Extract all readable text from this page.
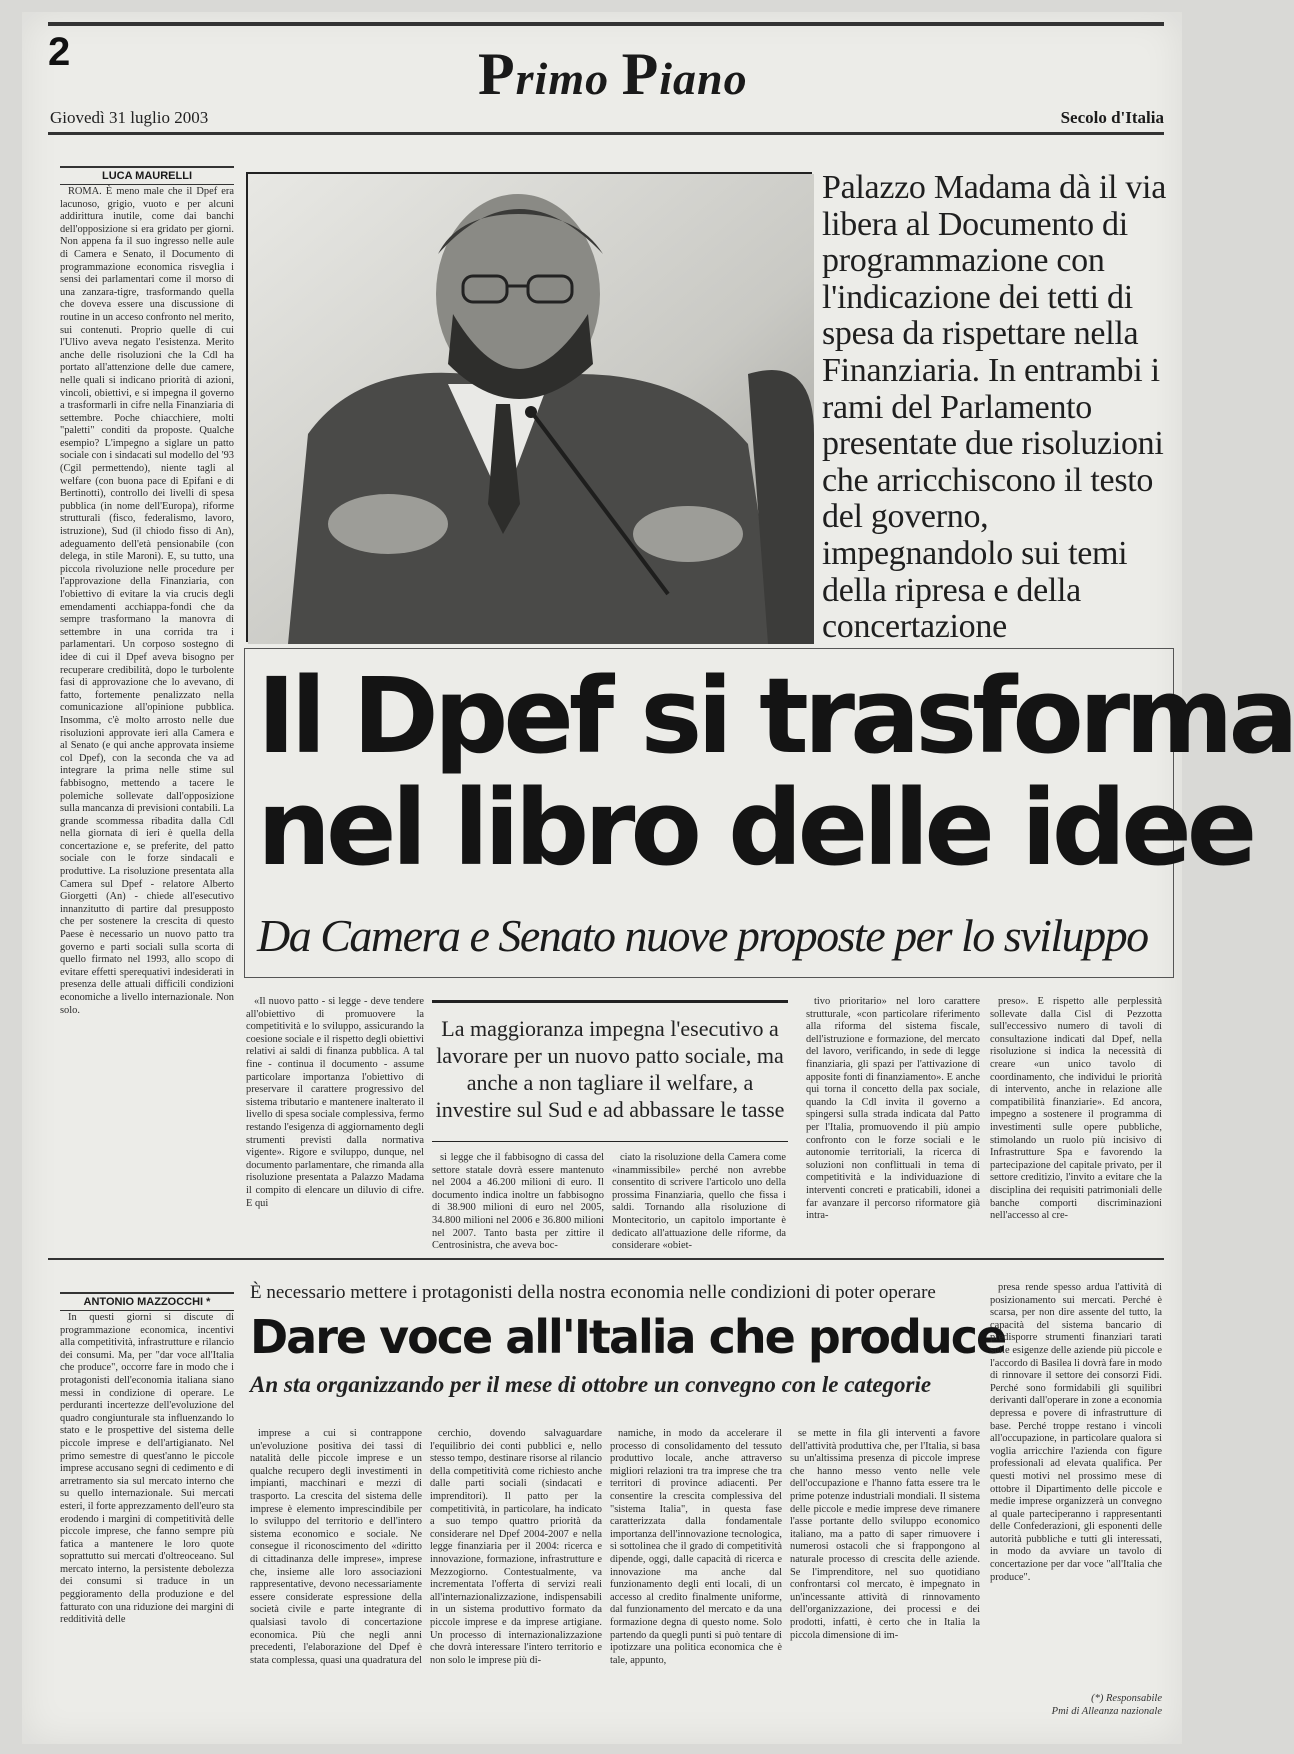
2	Primo Piano
Giovedì 31 luglio 2003	Secolo d'Italia
LUCA MAURELLI

ROMA. È meno male che il Dpef era lacunoso, grigio, vuoto e per alcuni addirittura inutile, come dai banchi dell'opposizione si era gridato per giorni. Non appena fa il suo ingresso nelle aule di Camera e Senato, il Documento di programmazione economica risveglia i sensi dei parlamentari come il morso di una zanzara-tigre, trasformando quella che doveva essere una discussione di routine in un acceso confronto nel merito, sui contenuti. Proprio quelle di cui l'Ulivo aveva negato l'esistenza. Merito anche delle risoluzioni che la Cdl ha portato all'attenzione delle due camere, nelle quali si indicano priorità di azioni, vincoli, obiettivi, e si impegna il governo a trasformarli in cifre nella Finanziaria di settembre. Poche chiacchiere, molti "paletti" conditi da proposte. Qualche esempio? L'impegno a siglare un patto sociale con i sindacati sul modello del '93 (Cgil permettendo), niente tagli al welfare (con buona pace di Epifani e di Bertinotti), controllo dei livelli di spesa pubblica (in nome dell'Europa), riforme strutturali (fisco, federalismo, lavoro, istruzione), Sud (il chiodo fisso di An), adeguamento dell'età pensionabile (con delega, in stile Maroni). E, su tutto, una piccola rivoluzione nelle procedure per l'approvazione della Finanziaria, con l'obiettivo di evitare la via crucis degli emendamenti acchiappa-fondi che da sempre trasformano la manovra di settembre in una corrida tra i parlamentari. Un corposo sostegno di idee di cui il Dpef aveva bisogno per recuperare credibilità, dopo le turbolente fasi di approvazione che lo avevano, di fatto, fortemente penalizzato nella comunicazione all'opinione pubblica. Insomma, c'è molto arrosto nelle due risoluzioni approvate ieri alla Camera e al Senato (e qui anche approvata insieme col Dpef), con la seconda che va ad integrare la prima nelle stime sul fabbisogno, mettendo a tacere le polemiche sollevate dall'opposizione sulla mancanza di previsioni contabili. La grande scommessa ribadita dalla Cdl nella giornata di ieri è quella della concertazione e, se preferite, del patto sociale con le forze sindacali e produttive. La risoluzione presentata alla Camera sul Dpef - relatore Alberto Giorgetti (An) - chiede all'esecutivo innanzitutto di partire dal presupposto che per sostenere la crescita di questo Paese è necessario un nuovo patto tra governo e parti sociali sulla scorta di quello firmato nel 1993, allo scopo di evitare effetti sperequativi indesiderati in presenza delle attuali difficili condizioni economiche a livello internazionale. Non solo.

Palazzo Madama dà il via libera al Documento di programmazione con l'indicazione dei tetti di spesa da rispettare nella Finanziaria. In entrambi i rami del Parlamento presentate due risoluzioni che arricchiscono il testo del governo, impegnandolo sui temi della ripresa e della concertazione
Il Dpef si trasforma
nel libro delle idee
Da Camera e Senato nuove proposte per lo sviluppo

«Il nuovo patto - si legge - deve tendere all'obiettivo di promuovere la competitività e lo sviluppo, assicurando la coesione sociale e il rispetto degli obiettivi relativi ai saldi di finanza pubblica. A tal fine - continua il documento - assume particolare importanza l'obiettivo di preservare il carattere progressivo del sistema tributario e mantenere inalterato il livello di spesa sociale complessiva, fermo restando l'esigenza di aggiornamento degli strumenti previsti dalla normativa vigente». Rigore e sviluppo, dunque, nel documento parlamentare, che rimanda alla risoluzione presentata a Palazzo Madama il compito di elencare un diluvio di cifre. E qui

La maggioranza impegna l'esecutivo a lavorare per un nuovo patto sociale, ma anche a non tagliare il welfare, a investire sul Sud e ad abbassare le tasse

si legge che il fabbisogno di cassa del settore statale dovrà essere mantenuto nel 2004 a 46.200 milioni di euro. Il documento indica inoltre un fabbisogno di 38.900 milioni di euro nel 2005, 34.800 milioni nel 2006 e 36.800 milioni nel 2007. Tanto basta per zittire il Centrosinistra, che aveva boc-

ciato la risoluzione della Camera come «inammissibile» perché non avrebbe consentito di scrivere l'articolo uno della prossima Finanziaria, quello che fissa i saldi. Tornando alla risoluzione di Montecitorio, un capitolo importante è dedicato all'attuazione delle riforme, da considerare «obiet-

tivo prioritario» nel loro carattere strutturale, «con particolare riferimento alla riforma del sistema fiscale, dell'istruzione e formazione, del mercato del lavoro, verificando, in sede di legge finanziaria, gli spazi per l'attivazione di apposite fonti di finanziamento». E anche qui torna il concetto della pax sociale, quando la Cdl invita il governo a spingersi sulla strada indicata dal Patto per l'Italia, promuovendo il più ampio confronto con le forze sociali e le autonomie territoriali, la ricerca di soluzioni non conflittuali in tema di competitività e la individuazione di interventi concreti e praticabili, idonei a far avanzare il percorso riformatore già intra-

preso». E rispetto alle perplessità sollevate dalla Cisl di Pezzotta sull'eccessivo numero di tavoli di consultazione indicati dal Dpef, nella risoluzione si indica la necessità di creare «un unico tavolo di coordinamento, che individui le priorità di intervento, anche in relazione alle compatibilità finanziarie». Ed ancora, impegno a sostenere il programma di investimenti sulle opere pubbliche, stimolando un ruolo più incisivo di Infrastrutture Spa e favorendo la partecipazione del capitale privato, per il settore creditizio, l'invito a evitare che la disciplina dei requisiti patrimoniali delle banche comporti discriminazioni nell'accesso al cre-

ANTONIO MAZZOCCHI *

In questi giorni si discute di programmazione economica, incentivi alla competitività, infrastrutture e rilancio dei consumi. Ma, per "dar voce all'Italia che produce", occorre fare in modo che i protagonisti dell'economia italiana siano messi in condizione di operare. Le perduranti incertezze dell'evoluzione del quadro congiunturale sta influenzando lo stato e le prospettive del sistema delle piccole imprese e dell'artigianato. Nel primo semestre di quest'anno le piccole imprese accusano segni di cedimento e di arretramento sia sul mercato interno che su quello internazionale. Sui mercati esteri, il forte apprezzamento dell'euro sta erodendo i margini di competitività delle piccole imprese, che fanno sempre più fatica a mantenere le loro quote soprattutto sui mercati d'oltreoceano. Sul mercato interno, la persistente debolezza dei consumi si traduce in un peggioramento della produzione e del fatturato con una riduzione dei margini di redditività delle

È necessario mettere i protagonisti della nostra economia nelle condizioni di poter operare
Dare voce all'Italia che produce
An sta organizzando per il mese di ottobre un convegno con le categorie

imprese a cui si contrappone un'evoluzione positiva dei tassi di natalità delle piccole imprese e un qualche recupero degli investimenti in impianti, macchinari e mezzi di trasporto. La crescita del sistema delle imprese è elemento imprescindibile per lo sviluppo del territorio e dell'intero sistema economico e sociale. Ne consegue il riconoscimento del «diritto di cittadinanza delle imprese», imprese che, insieme alle loro associazioni rappresentative, devono necessariamente essere considerate espressione della società civile e parte integrante di qualsiasi tavolo di concertazione economica. Più che negli anni precedenti, l'elaborazione del Dpef è stata complessa, quasi una quadratura del

cerchio, dovendo salvaguardare l'equilibrio dei conti pubblici e, nello stesso tempo, destinare risorse al rilancio della competitività come richiesto anche dalle parti sociali (sindacati e imprenditori). Il patto per la competitività, in particolare, ha indicato a suo tempo quattro priorità da considerare nel Dpef 2004-2007 e nella legge finanziaria per il 2004: ricerca e innovazione, formazione, infrastrutture e Mezzogiorno. Contestualmente, va incrementata l'offerta di servizi reali all'internazionalizzazione, indispensabili in un sistema produttivo formato da piccole imprese e da imprese artigiane. Un processo di internazionalizzazione che dovrà interessare l'intero territorio e non solo le imprese più di-

namiche, in modo da accelerare il processo di consolidamento del tessuto produttivo locale, anche attraverso migliori relazioni tra tra imprese che tra territori di province adiacenti. Per consentire la crescita complessiva del "sistema Italia", in questa fase caratterizzata dalla fondamentale importanza dell'innovazione tecnologica, si sottolinea che il grado di competitività dipende, oggi, dalle capacità di ricerca e innovazione ma anche dal funzionamento degli enti locali, di un accesso al credito finalmente uniforme, dal funzionamento del mercato e da una formazione degna di questo nome. Solo partendo da quegli punti si può tentare di ipotizzare una politica economica che è tale, appunto,

se mette in fila gli interventi a favore dell'attività produttiva che, per l'Italia, si basa su un'altissima presenza di piccole imprese che hanno messo vento nelle vele dell'occupazione e l'hanno fatta essere tra le prime potenze industriali mondiali. Il sistema delle piccole e medie imprese deve rimanere l'asse portante dello sviluppo economico italiano, ma a patto di saper rimuovere i numerosi ostacoli che si frappongono al naturale processo di crescita delle aziende. Se l'imprenditore, nel suo quotidiano confrontarsi col mercato, è impegnato in un'incessante attività di rinnovamento dell'organizzazione, dei processi e dei prodotti, infatti, è certo che in Italia la piccola dimensione di im-

presa rende spesso ardua l'attività di posizionamento sui mercati. Perché è scarsa, per non dire assente del tutto, la capacità del sistema bancario di predisporre strumenti finanziari tarati sulle esigenze delle aziende più piccole e l'accordo di Basilea li dovrà fare in modo di rinnovare il settore dei consorzi Fidi. Perché sono formidabili gli squilibri derivanti dall'operare in zone a economia depressa e povere di infrastrutture di base. Perché troppe restano i vincoli all'occupazione, in particolare qualora si voglia arricchire l'azienda con figure professionali ad elevata qualifica. Per questi motivi nel prossimo mese di ottobre il Dipartimento delle piccole e medie imprese organizzerà un convegno al quale parteciperanno i rappresentanti delle Confederazioni, gli esponenti delle autorità pubbliche e tutti gli interessati, in modo da avviare un tavolo di concertazione per dar voce "all'Italia che produce".

(*) Responsabile
Pmi di Alleanza nazionale
